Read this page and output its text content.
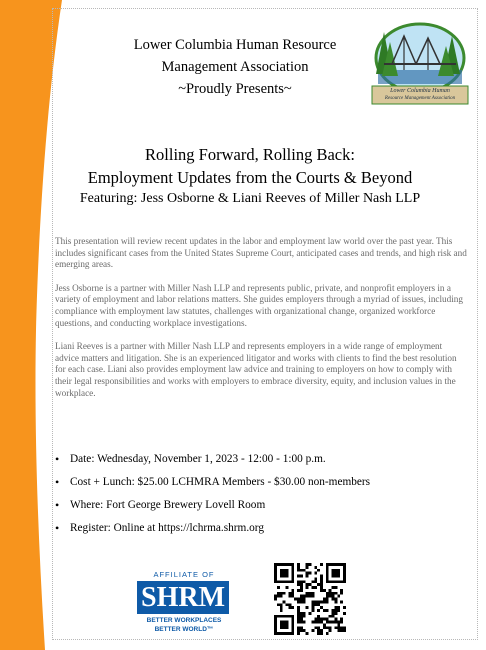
Lower Columbia Human Resource
Management Association
~Proudly Presents~	Lower Columbia Human
Resource Management Association
Rolling Forward, Rolling Back:
Employment Updates from the Courts & Beyond
Featuring: Jess Osborne & Liani Reeves of Miller Nash LLP

This presentation will review recent updates in the labor and employment law world over the past year. This includes significant cases from the United States Supreme Court, anticipated cases and trends, and high risk and emerging areas.

Jess Osborne is a partner with Miller Nash LLP and represents public, private, and nonprofit employers in a variety of employment and labor relations matters. She guides employers through a myriad of issues, including compliance with employment law statutes, challenges with organizational change, organized workforce questions, and conducting workplace investigations.

Liani Reeves is a partner with Miller Nash LLP and represents employers in a wide range of employment advice matters and litigation. She is an experienced litigator and works with clients to find the best resolution for each case. Liani also provides employment law advice and training to employers on how to comply with their legal responsibilities and works with employers to embrace diversity, equity, and inclusion values in the workplace.

• Date: Wednesday, November 1, 2023 - 12:00 - 1:00 p.m.
• Cost + Lunch: $25.00 LCHMRA Members - $30.00 non-members
• Where: Fort George Brewery Lovell Room
• Register: Online at https://lchrma.shrm.org
AFFILIATE OF
SHRM
BETTER WORKPLACES
BETTER WORLD™
